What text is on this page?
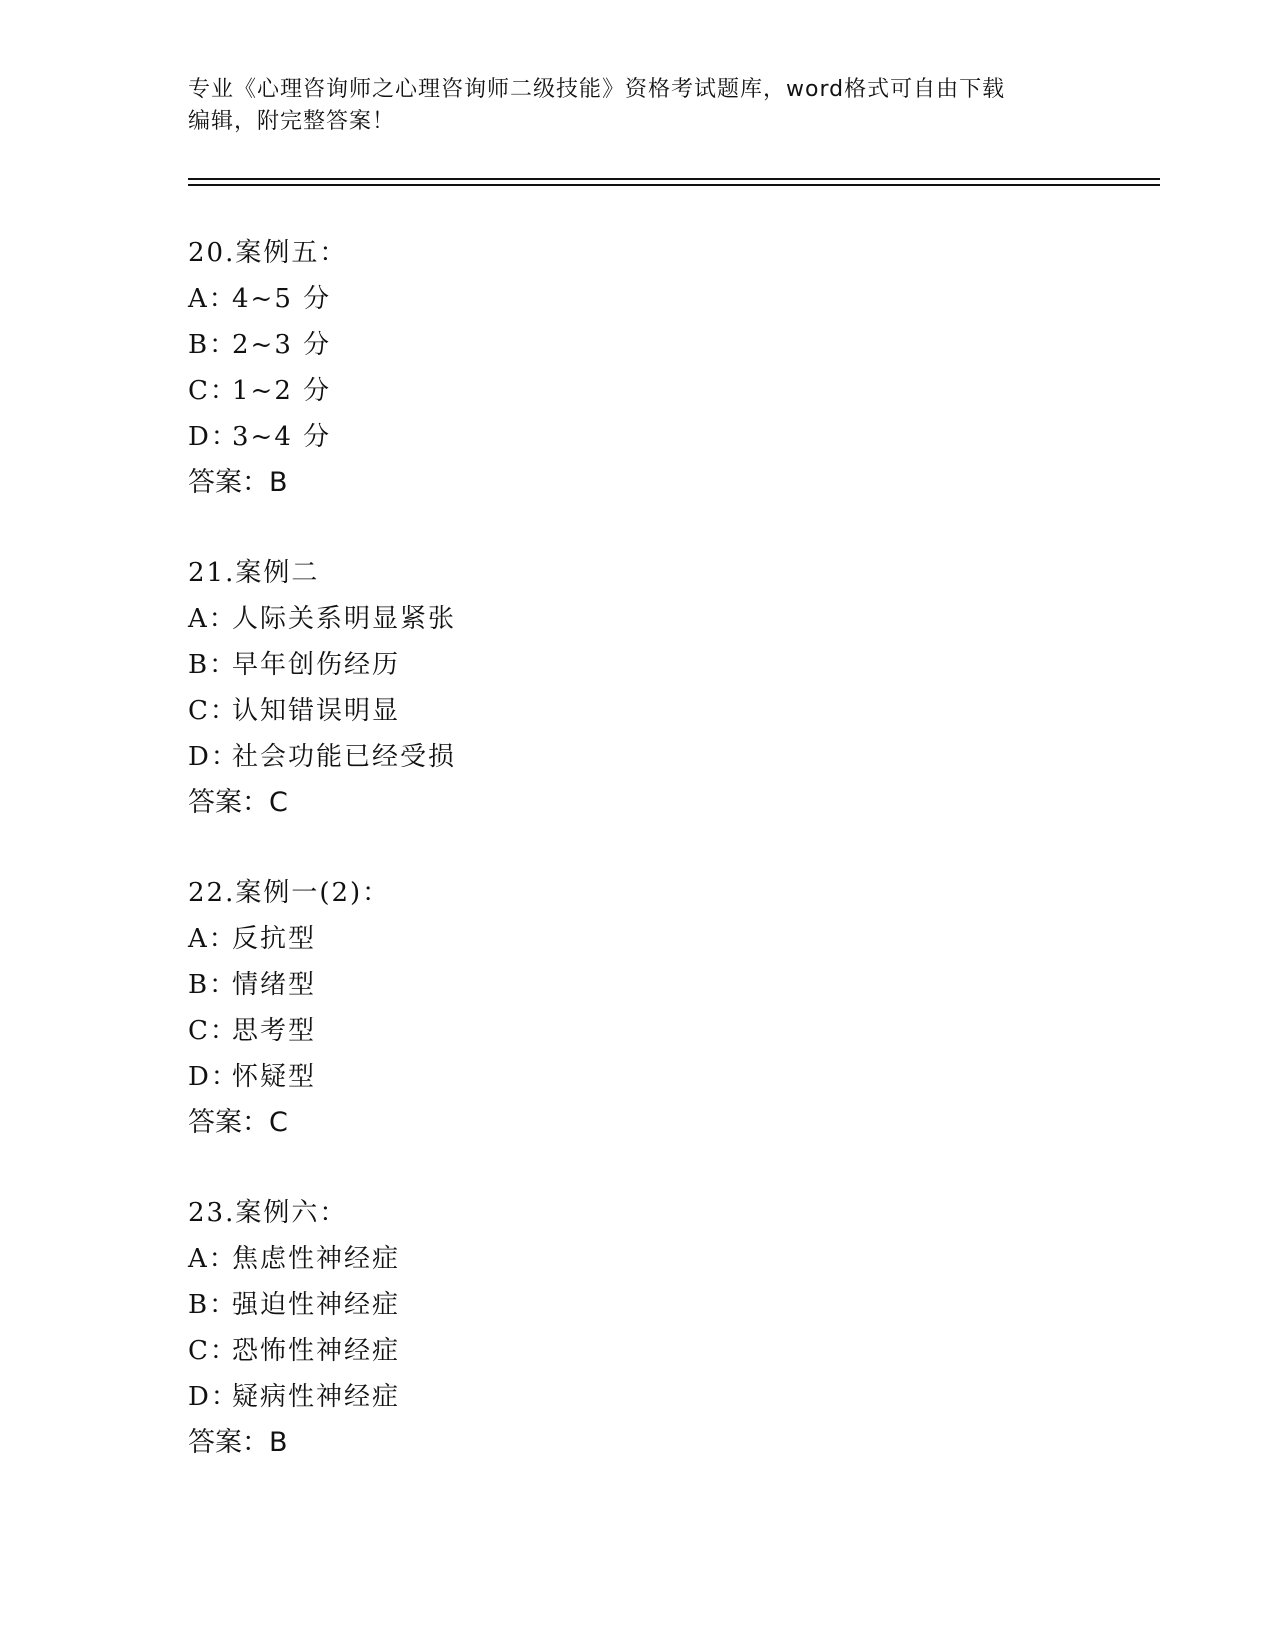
专业《心理咨询师之心理咨询师二级技能》资格考试题库，word格式可自由下载
编辑，附完整答案！
20.案例五：
A：4~5 分
B：2~3 分
C：1~2 分
D：3~4 分
答案：B
21.案例二
A：人际关系明显紧张
B：早年创伤经历
C：认知错误明显
D：社会功能已经受损
答案：C
22.案例一(2)：
A：反抗型
B：情绪型
C：思考型
D：怀疑型
答案：C
23.案例六：
A：焦虑性神经症
B：强迫性神经症
C：恐怖性神经症
D：疑病性神经症
答案：B
